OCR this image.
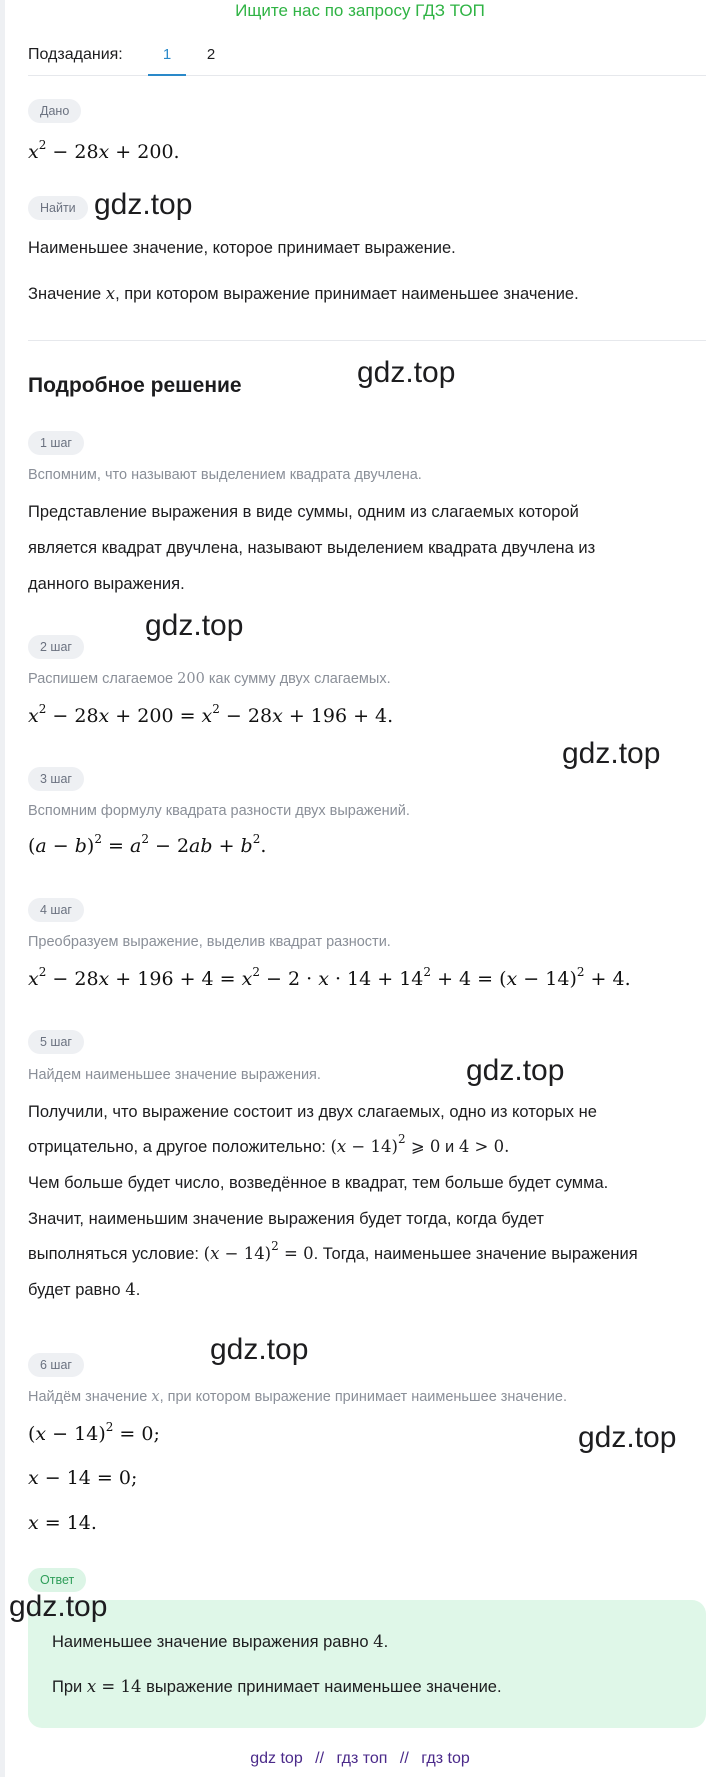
Ищите нас по запросу ГДЗ ТОП
Подзадания:	1	2
Дано
$x^2 - 28x + 200$.
Найти
Наименьшее значение, которое принимает выражение.
Значение x, при котором выражение принимает наименьшее значение.
Подробное решение
1 шаг
Вспомним, что называют выделением квадрата двучлена.
Представление выражения в виде суммы, одним из слагаемых которой
является квадрат двучлена, называют выделением квадрата двучлена из
данного выражения.
2 шаг
Распишем слагаемое 200 как сумму двух слагаемых.
$x^2 - 28x + 200 = x^2 - 28x + 196 + 4$.
3 шаг
Вспомним формулу квадрата разности двух выражений.
$(a - b)^2 = a^2 - 2ab + b^2$.
4 шаг
Преобразуем выражение, выделив квадрат разности.
$x^2 - 28x + 196 + 4 = x^2 - 2 \cdot x \cdot 14 + 14^2 + 4 = (x - 14)^2 + 4$.
5 шаг
Найдем наименьшее значение выражения.
Получили, что выражение состоит из двух слагаемых, одно из которых не
отрицательно, а другое положительно: $(x - 14)^2$ ⩾ 0 и 4 > 0.
Чем больше будет число, возведённое в квадрат, тем больше будет сумма.
Значит, наименьшим значение выражения будет тогда, когда будет
выполняться условие: $(x - 14)^2 = 0$. Тогда, наименьшее значение выражения
будет равно 4.
6 шаг
Найдём значение x, при котором выражение принимает наименьшее значение.
$(x - 14)^2 = 0$;
x − 14 = 0;
x = 14.
Ответ
Наименьшее значение выражения равно 4.
При x = 14 выражение принимает наименьшее значение.
gdz.top
gdz.top
gdz.top
gdz.top
gdz.top
gdz.top
gdz.top
gdz.top
gdz top // гдз топ // гдз top
